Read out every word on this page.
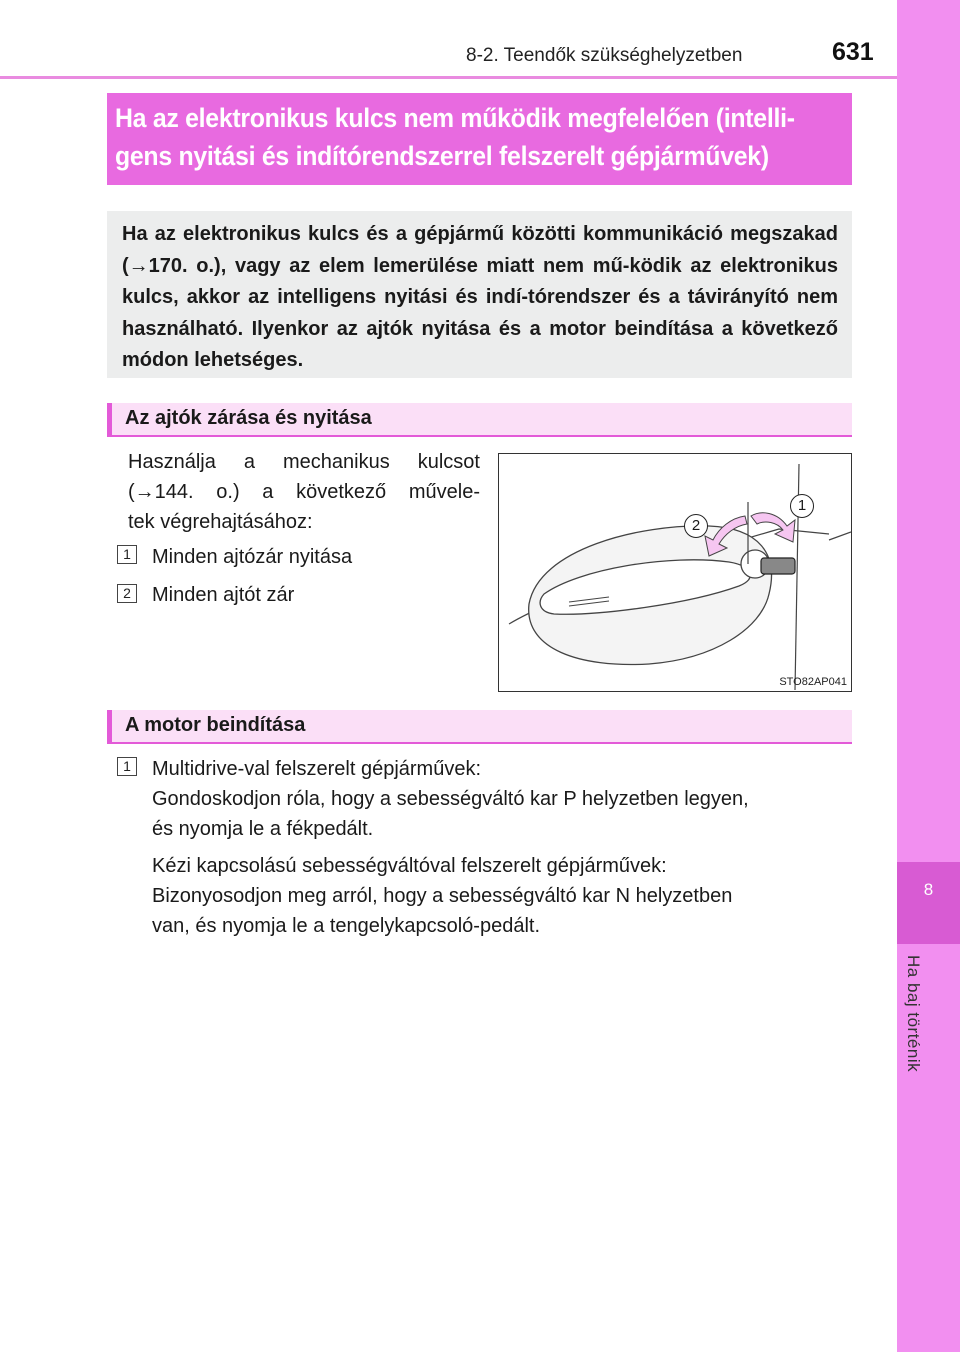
8-2. Teendők szükséghelyzetben	631
8
Ha baj történik
Ha az elektronikus kulcs nem működik megfelelően (intelli-
gens nyitási és indítórendszerrel felszerelt gépjárművek)

Ha az elektronikus kulcs és a gépjármű közötti kommunikáció megszakad (→170. o.), vagy az elem lemerülése miatt nem mű-ködik az elektronikus kulcs, akkor az intelligens nyitási és indí-tórendszer és a távirányító nem használható. Ilyenkor az ajtók nyitása és a motor beindítása a következő módon lehetséges.

Az ajtók zárása és nyitása
Használja a mechanikus kulcsot
(→144. o.) a következő művele-
tek végrehajtásához:
1	Minden ajtózár nyitása
2	Minden ajtót zár
1
2
STO82AP041
A motor beindítása
1	Multidrive-val felszerelt gépjárművek:
Gondoskodjon róla, hogy a sebességváltó kar P helyzetben legyen,
és nyomja le a fékpedált.
Kézi kapcsolású sebességváltóval felszerelt gépjárművek:
Bizonyosodjon meg arról, hogy a sebességváltó kar N helyzetben
van, és nyomja le a tengelykapcsoló-pedált.
